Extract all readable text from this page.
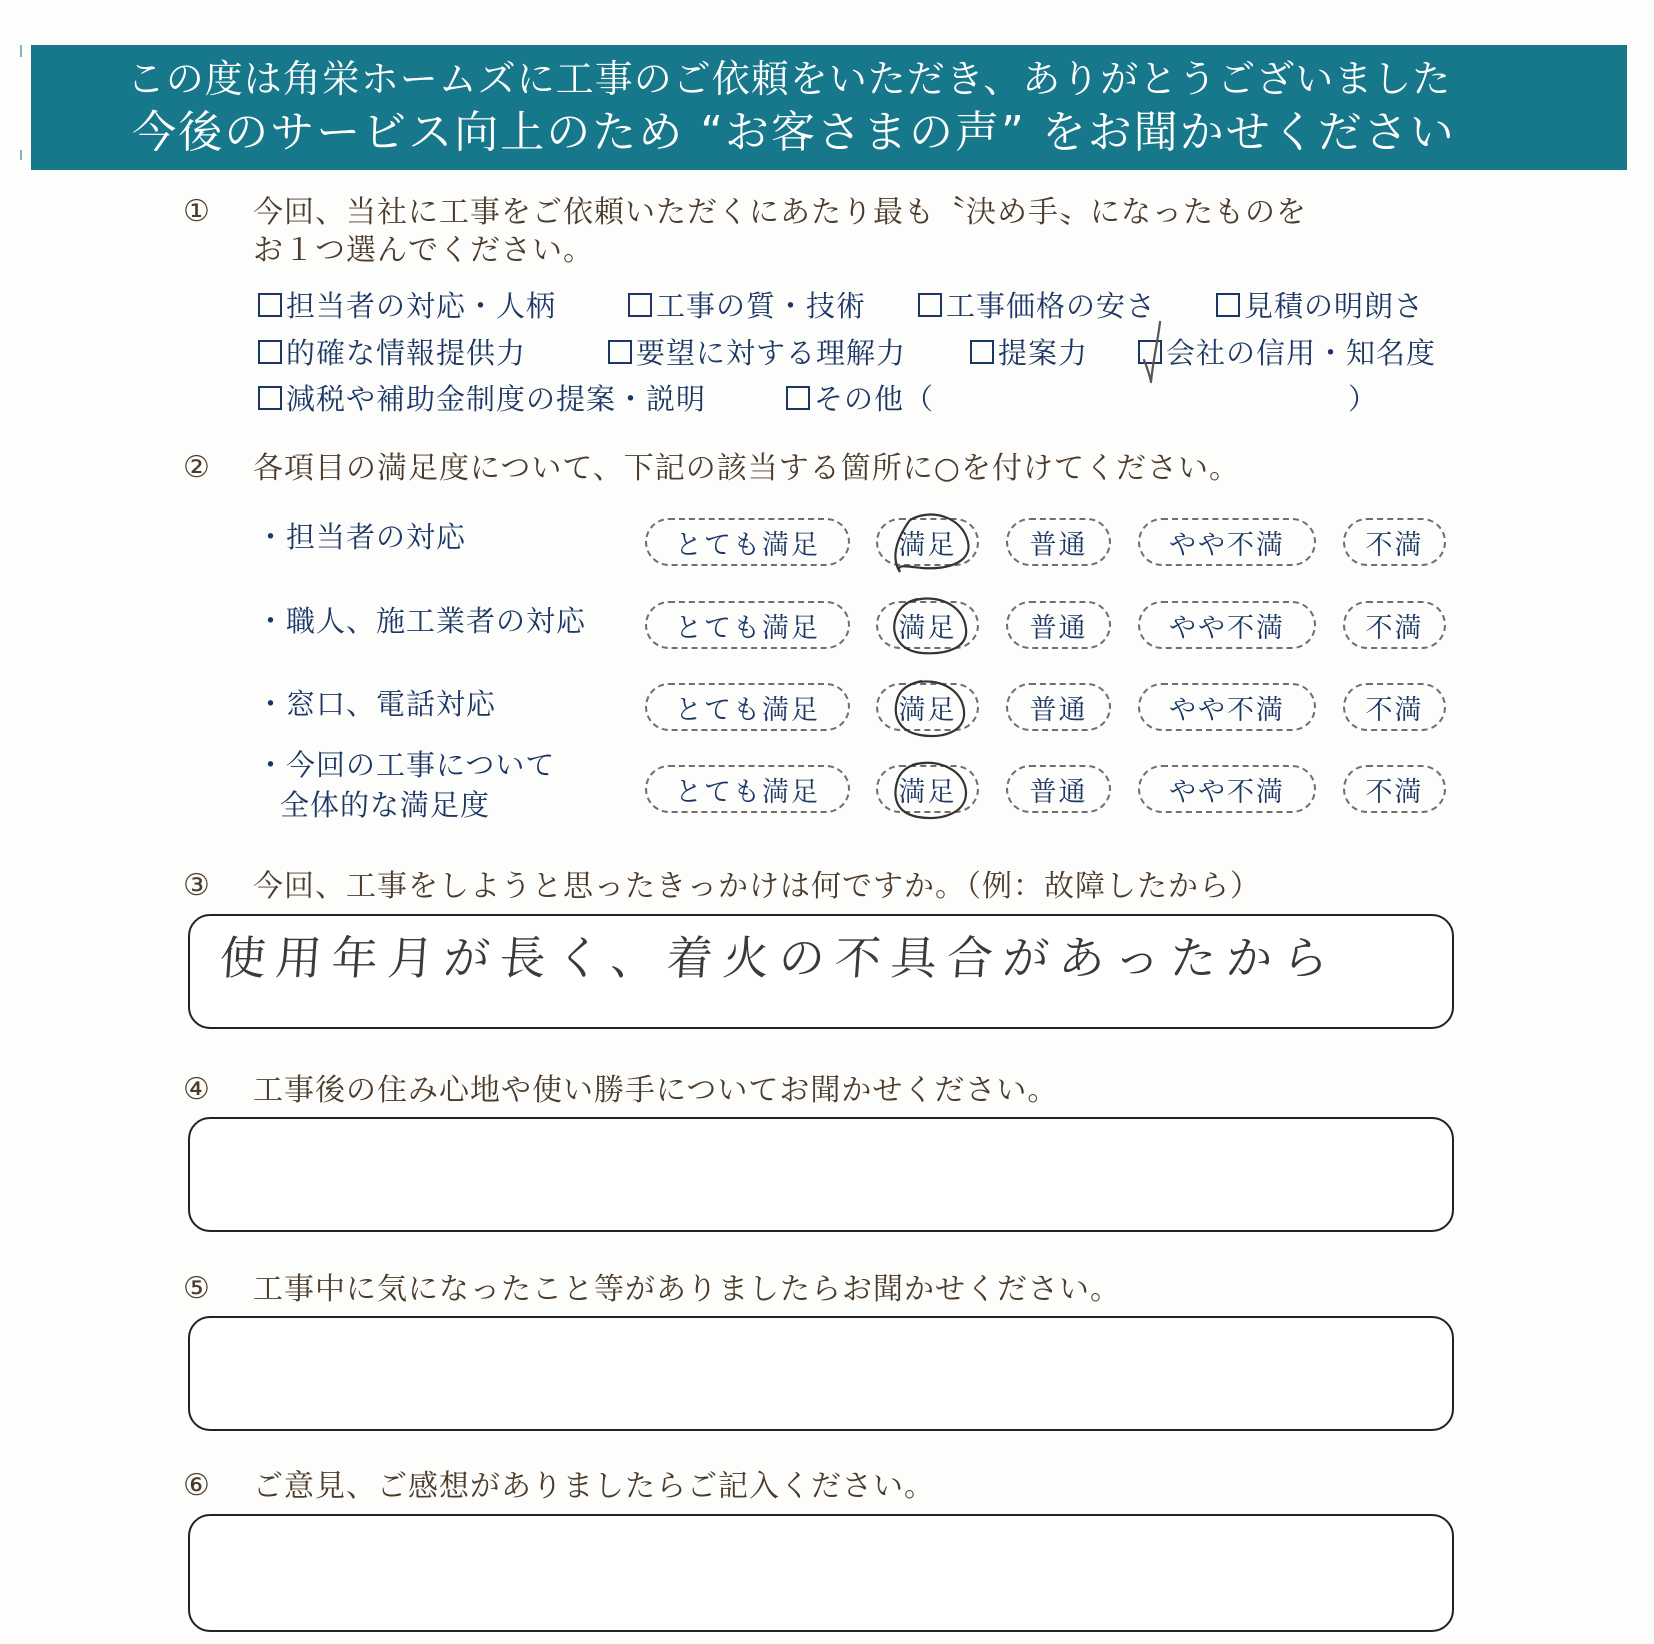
この度は角栄ホームズに工事のご依頼をいただき、ありがとうございました
今後のサービス向上のため “お客さまの声” をお聞かせください
①	今回、当社に工事をご依頼いただくにあたり最も〝決め手〟になったものを
お１つ選んでください。
担当者の対応・人柄	工事の質・技術	工事価格の安さ	見積の明朗さ
的確な情報提供力	要望に対する理解力	提案力	会社の信用・知名度
減税や補助金制度の提案・説明	その他（	）
②	各項目の満足度について、下記の該当する箇所に○を付けてください。
・担当者の対応	とても満足	満足	普通	やや不満	不満
・職人、施工業者の対応	とても満足	満足	普通	やや不満	不満
・窓口、電話対応	とても満足	満足	普通	やや不満	不満
・今回の工事について
全体的な満足度	とても満足	満足	普通	やや不満	不満
③	今回、工事をしようと思ったきっかけは何ですか。（例：故障したから）
使用年月が長く、着火の不具合があったから
④	工事後の住み心地や使い勝手についてお聞かせください。
⑤	工事中に気になったこと等がありましたらお聞かせください。
⑥	ご意見、ご感想がありましたらご記入ください。
